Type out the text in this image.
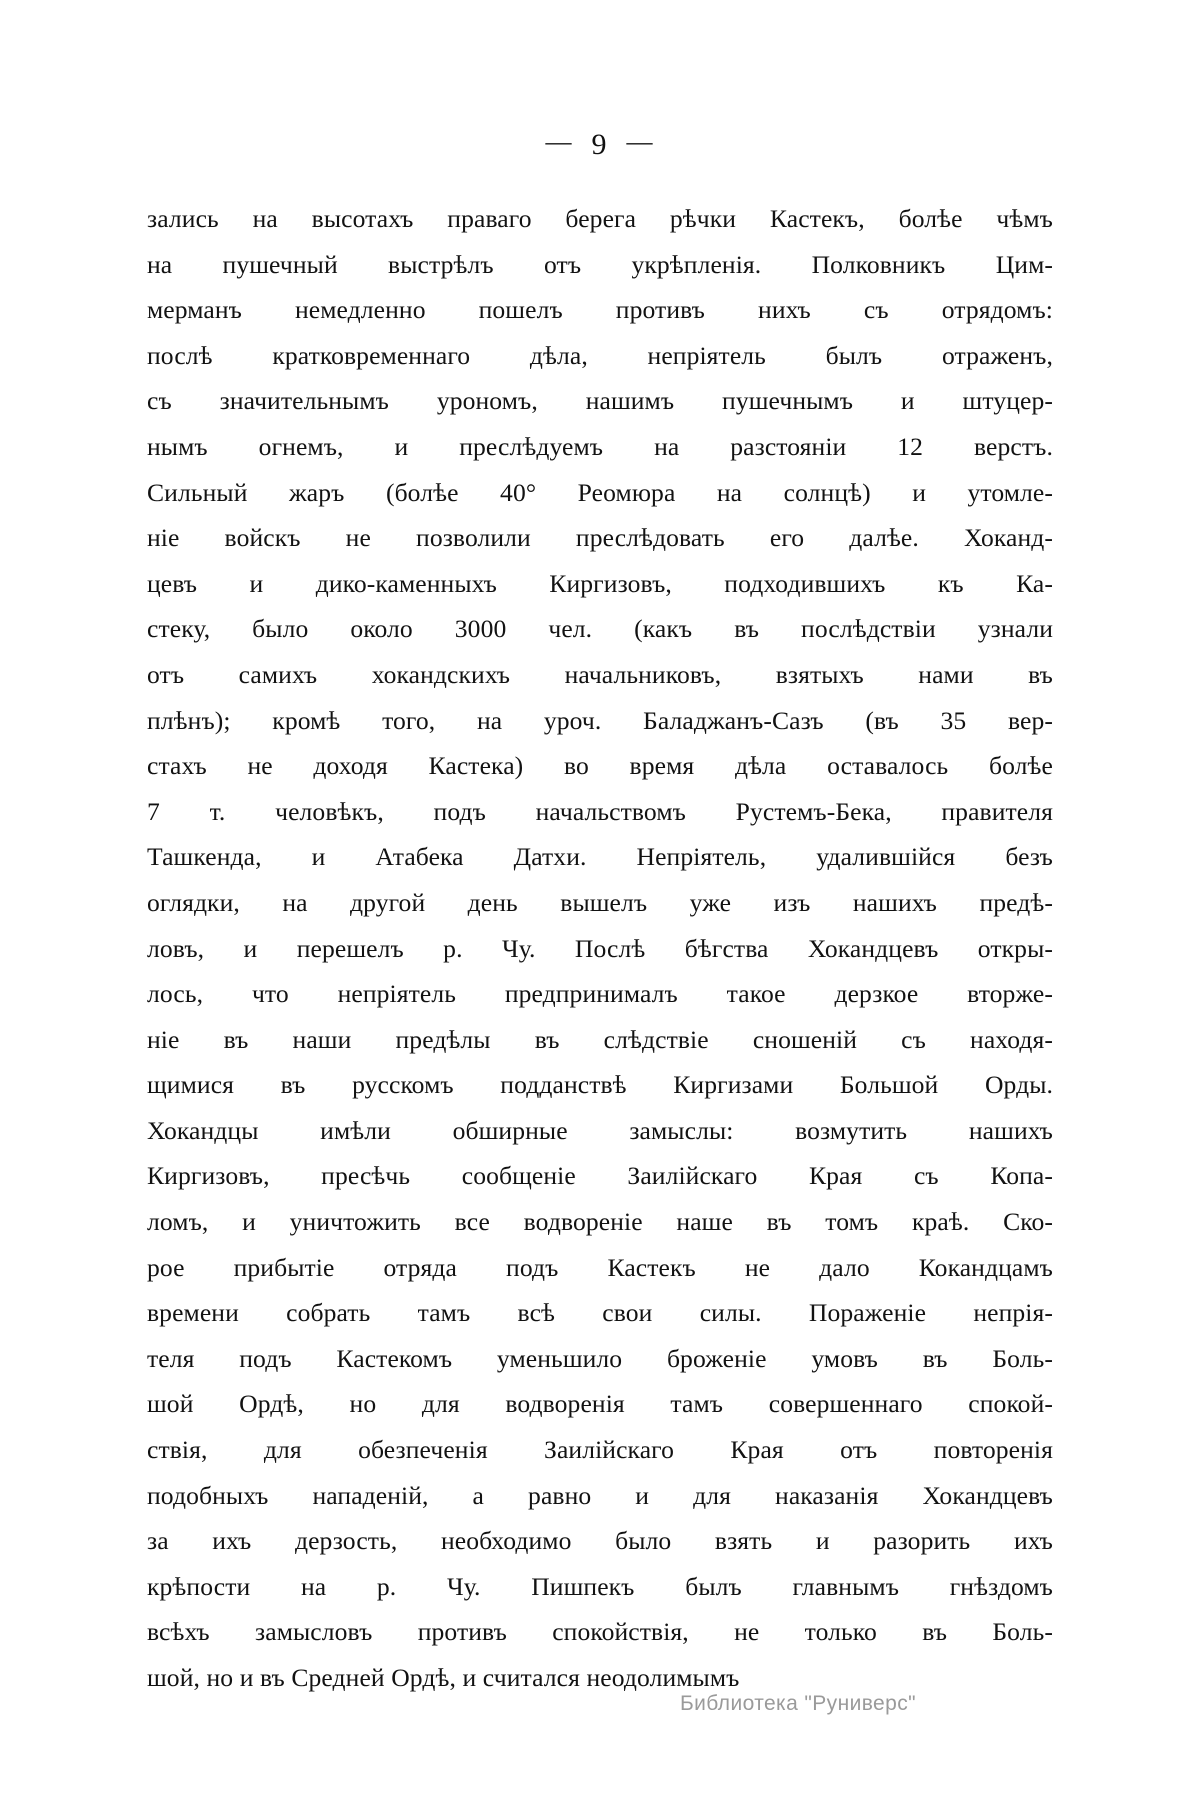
— 9 —

зались на высотахъ праваго берега рѣчки Кастекъ, болѣе чѣмъ
на пушечный выстрѣлъ отъ укрѣпленія. Полковникъ Цим-
мерманъ немедленно пошелъ противъ нихъ съ отрядомъ:
послѣ кратковременнаго дѣла, непріятель былъ отраженъ,
съ значительнымъ урономъ, нашимъ пушечнымъ и штуцер-
нымъ огнемъ, и преслѣдуемъ на разстояніи 12 верстъ.
Сильный жаръ (болѣе 40° Реомюра на солнцѣ) и утомле-
ніе войскъ не позволили преслѣдовать его далѣе. Хоканд-
цевъ и дико-каменныхъ Киргизовъ, подходившихъ къ Ка-
стеку, было около 3000 чел. (какъ въ послѣдствіи узнали
отъ самихъ хокандскихъ начальниковъ, взятыхъ нами въ
плѣнъ); кромѣ того, на уроч. Баладжанъ-Сазъ (въ 35 вер-
стахъ не доходя Кастека) во время дѣла оставалось болѣе
7 т. человѣкъ, подъ начальствомъ Рустемъ-Бека, правителя
Ташкенда, и Атабека Датхи. Непріятель, удалившійся безъ
оглядки, на другой день вышелъ уже изъ нашихъ предѣ-
ловъ, и перешелъ р. Чу. Послѣ бѣгства Хокандцевъ откры-
лось, что непріятель предпринималъ такое дерзкое вторже-
ніе въ наши предѣлы въ слѣдствіе сношеній съ находя-
щимися въ русскомъ подданствѣ Киргизами Большой Орды.
Хокандцы имѣли обширные замыслы: возмутить нашихъ
Киргизовъ, пресѣчь сообщеніе Заилійскаго Края съ Копа-
ломъ, и уничтожить все водвореніе наше въ томъ краѣ. Ско-
рое прибытіе отряда подъ Кастекъ не дало Кокандцамъ
времени собрать тамъ всѣ свои силы. Пораженіе непрія-
теля подъ Кастекомъ уменьшило броженіе умовъ въ Боль-
шой Ордѣ, но для водворенія тамъ совершеннаго спокой-
ствія, для обезпеченія Заилійскаго Края отъ повторенія
подобныхъ нападеній, а равно и для наказанія Хокандцевъ
за ихъ дерзость, необходимо было взять и разорить ихъ
крѣпости на р. Чу. Пишпекъ былъ главнымъ гнѣздомъ
всѣхъ замысловъ противъ спокойствія, не только въ Боль-
шой, но и въ Средней Ордѣ, и считался неодолимымъ

Библиотека "Руниверс"
